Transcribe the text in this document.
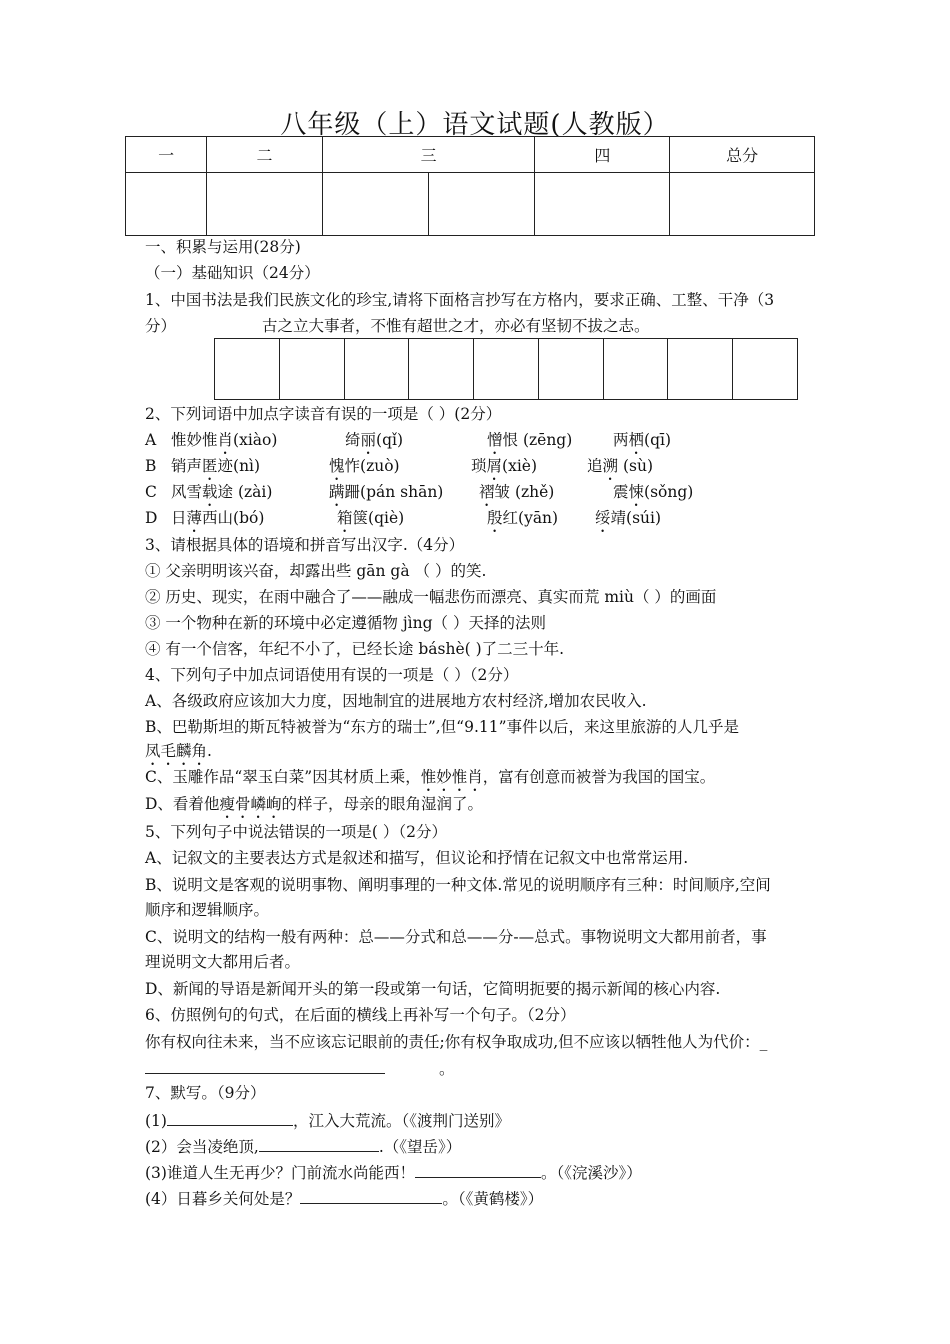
八年级（上）语文试题(人教版）
一	二	三		四	总分

一、积累与运用(28分)
（一）基础知识（24分）
1、中国书法是我们民族文化的珍宝,请将下面格言抄写在方格内，要求正确、工整、干净（3
分）	古之立大事者，不惟有超世之才，亦必有坚韧不拔之志。
2、下列词语中加点字读音有误的一项是（ ）(2分）
A 惟妙惟肖(xiào)	绮丽(qǐ)	憎恨 (zēng)	两栖(qī)
B 销声匿迹(nì)	愧怍(zuò)	琐屑(xiè)	追溯 (sù)
C 风雪载途 (zài)	蹒跚(pán shān) 褶皱 (zhě)	震悚(sǒng)
D 日薄西山(bó)	箱箧(qiè)	殷红(yān) 绥靖(súi)
3、请根据具体的语境和拼音写出汉字.（4分）
① 父亲明明该兴奋，却露出些 gān gà （ ）的笑.
② 历史、现实，在雨中融合了——融成一幅悲伤而漂亮、真实而荒 miù（ ）的画面
③ 一个物种在新的环境中必定遵循物 jìng（ ）天择的法则
④ 有一个信客，年纪不小了，已经长途 báshè( )了二三十年.
4、下列句子中加点词语使用有误的一项是（ ）（2分）
A、各级政府应该加大力度，因地制宜的进展地方农村经济,增加农民收入.
B、巴勒斯坦的斯瓦特被誉为“东方的瑞士”,但“9.11”事件以后，来这里旅游的人几乎是
凤毛麟角.
C、玉雕作品“翠玉白菜”因其材质上乘，惟妙惟肖，富有创意而被誉为我国的国宝。
D、看着他瘦骨嶙峋的样子，母亲的眼角湿润了。
5、下列句子中说法错误的一项是( ）（2分）
A、记叙文的主要表达方式是叙述和描写，但议论和抒情在记叙文中也常常运用.
B、说明文是客观的说明事物、阐明事理的一种文体.常见的说明顺序有三种：时间顺序,空间
顺序和逻辑顺序。
C、说明文的结构一般有两种：总——分式和总——分-—总式。事物说明文大都用前者，事
理说明文大都用后者。
D、新闻的导语是新闻开头的第一段或第一句话，它简明扼要的揭示新闻的核心内容.
6、仿照例句的句式，在后面的横线上再补写一个句子。（2分）
你有权向往未来，当不应该忘记眼前的责任;你有权争取成功,但不应该以牺牲他人为代价：_
。
7、默写。（9分）
(1)	，江入大荒流。（《渡荆门送别》
(2）会当凌绝顶,	.（《望岳》）
(3)谁道人生无再少？门前流水尚能西！	。（《浣溪沙》）
(4）日暮乡关何处是？	。（《黄鹤楼》）
